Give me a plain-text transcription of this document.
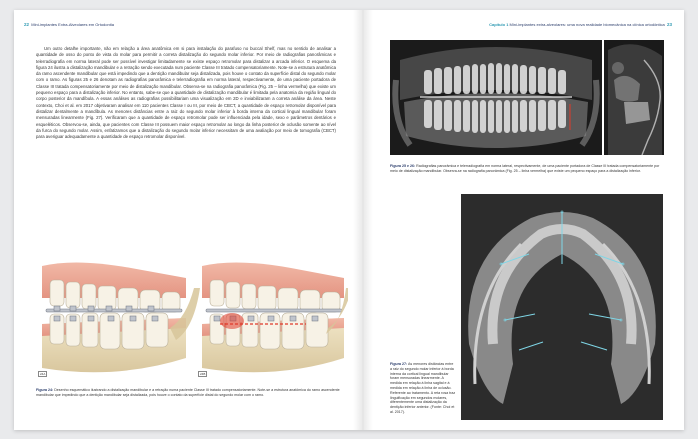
22 Mini-implantes Extra-Alveolares em Ortodontia

Um outro detalhe importante, não em relação a área anatômica em si para instalação do parafuso no buccal Shelf, mas no sentido de analisar a quantidade de osso do ponto de vista do molar para permitir a correta distalização do segundo molar inferior. Por meio de radiografias panorâmicas e telerradiografia em norma lateral pode ser possível investigar limitadamente se existe espaço retromolar para distalizar a arcada inferior. O esquema da figura 24 ilustra a distalização mandibular e a retração sendo executada num paciente Classe III tratado compensatoriamente. Note-se a estrutura anatômica da ramo ascendente mandibular que está impedindo que a dentição mandibular seja distalizada, pois houve o contato da superfície distal do segundo molar com o ramo. As figuras 25 e 26 denotam as radiografias panorâmica e telerradiografia em norma lateral, respectivamente, de uma paciente portadora de Classe III tratada compensatoriamente por meio de distalização mandibular. Observa-se na radiografia panorâmica (Fig. 25 – linha vermelha) que existe um pequeno espaço para a distalização inferior. No entanto, sabe-se que a quantidade de distalização mandibular é limitada pela anatomia da região lingual do corpo posterior da mandíbula. A essas análises as radiografias possibilitariam uma visualização em 2D e inviabilizaram a correta análise da área. Neste contexto, Choi et al. em 2017 objetivaram analisar em 110 pacientes Classe I ou III, por meio de CBCT, a quantidade de espaço retromolar disponível para distalizar dentalmente a mandíbula. As menores distâncias entre a raiz do segundo molar inferior à borda interna da cortical lingual mandibular foram mensuradas linearmente (Fig. 27). Verificaram que a quantidade de espaço retromolar pode ser influenciada pela idade, sexo e parâmetros dentários e esqueléticos. Observou-se, ainda, que pacientes com Classe III possuem maior espaço retromolar ao longo da linha posterior de oclusão somente ao nível da furca do segundo molar. Assim, enfatizamos que a distalização do segundo molar inferior necessitam de uma avaliação por meio de tomografia (CBCT) para averiguar adequadamente a quantidade de espaço retromolar disponível.

24A	24B
Figura 24: Desenho esquemático ilustrando a distalização mandibular e a retração numa paciente Classe III tratado compensatoriamente. Note-se a estrutura anatômica do ramo ascendente mandibular que impedindo que a dentição mandibular seja distalizada, pois houve o contato da superfície distal do segundo molar com o ramo.
Capítulo 1 Mini-implantes extra-alveolares: uma nova realidade biomecânica na clínica ortodôntica 23
Figura 25 e 26: Radiografias panorâmica e telerradiografia em norma lateral, respectivamente, de uma paciente portadora de Classe III tratada compensatoriamente por meio de distalização mandibular. Observa-se na radiografia panorâmica (Fig. 25 – linha vermelha) que existe um pequeno espaço para a distalização inferior.
Figura 27: As menores distâncias entre a raiz do segundo molar inferior à borda interna da cortical lingual mandibular foram mensuradas linearmente. A medida em relação à linha sagital e à medida em relação à linha de oclusão. Referente ao tratamento. A reta rosa traz linguificação em segundos molares, diferentemente uma distalização da dentição inferior anterior. (Fonte: Choi et al. 2017).
